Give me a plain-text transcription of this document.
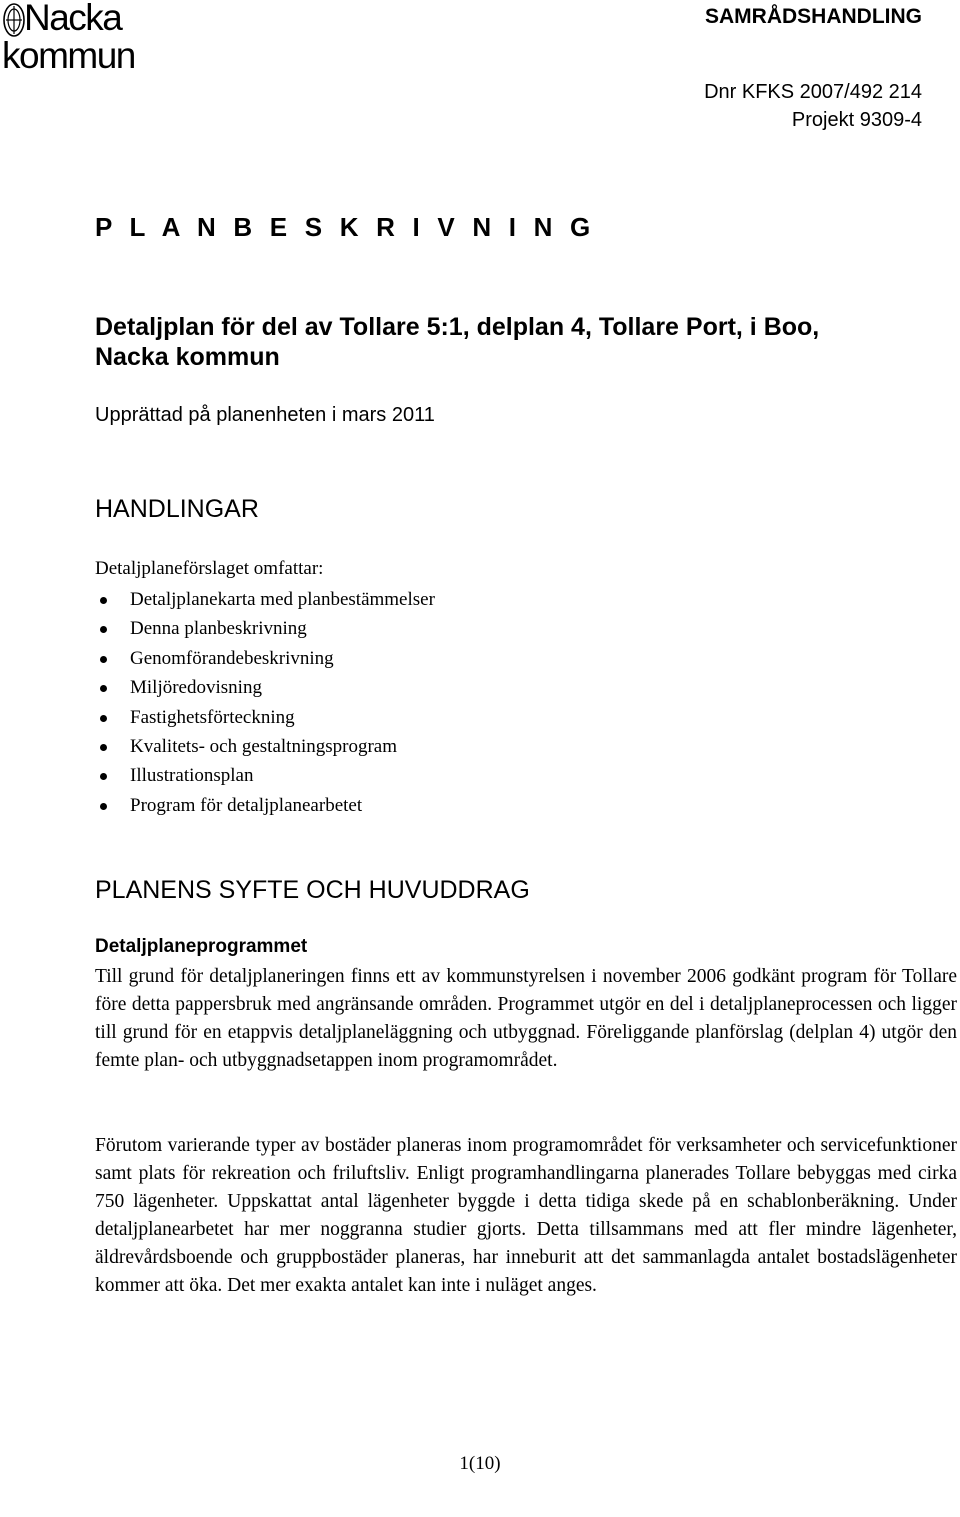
Nacka
kommun
SAMRÅDSHANDLING
Dnr KFKS 2007/492 214
Projekt 9309-4
P L A N B E S K R I V N I N G
Detaljplan för del av Tollare 5:1, delplan 4, Tollare Port, i Boo,
Nacka kommun
Upprättad på planenheten i mars 2011
HANDLINGAR
Detaljplaneförslaget omfattar:
Detaljplanekarta med planbestämmelser
Denna planbeskrivning
Genomförandebeskrivning
Miljöredovisning
Fastighetsförteckning
Kvalitets- och gestaltningsprogram
Illustrationsplan
Program för detaljplanearbetet
PLANENS SYFTE OCH HUVUDDRAG
Detaljplaneprogrammet
Till grund för detaljplaneringen finns ett av kommunstyrelsen i november 2006 godkänt program för Tollare före detta pappersbruk med angränsande områden. Programmet utgör en del i detaljplaneprocessen och ligger till grund för en etappvis detaljplaneläggning och utbyggnad. Föreliggande planförslag (delplan 4) utgör den femte plan- och utbyggnadsetappen inom programområdet.
Förutom varierande typer av bostäder planeras inom programområdet för verksamheter och servicefunktioner samt plats för rekreation och friluftsliv. Enligt programhandlingarna planerades Tollare bebyggas med cirka 750 lägenheter. Uppskattat antal lägenheter byggde i detta tidiga skede på en schablonberäkning. Under detaljplanearbetet har mer noggranna studier gjorts. Detta tillsammans med att fler mindre lägenheter, äldrevårdsboende och gruppbostäder planeras, har inneburit att det sammanlagda antalet bostadslägenheter kommer att öka. Det mer exakta antalet kan inte i nuläget anges.
1(10)
